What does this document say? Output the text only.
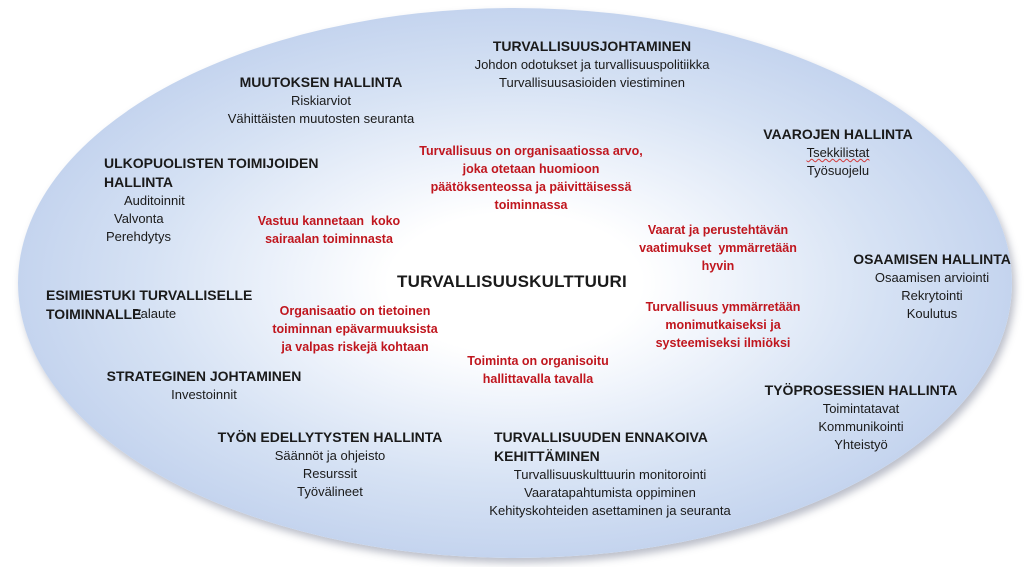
TURVALLISUUSKULTTUURI
TURVALLISUUSJOHTAMINEN
Johdon odotukset ja turvallisuuspolitiikka
Turvallisuusasioiden viestiminen
MUUTOKSEN HALLINTA
Riskiarviot
Vähittäisten muutosten seuranta
VAAROJEN HALLINTA
Tsekkilistat
Työsuojelu
ULKOPUOLISTEN TOIMIJOIDEN
HALLINTA
Auditoinnit
Valvonta
Perehdytys
OSAAMISEN HALLINTA
Osaamisen arviointi
Rekrytointi
Koulutus
ESIMIESTUKI TURVALLISELLE
TOIMINNALLE
Palaute
STRATEGINEN JOHTAMINEN
Investoinnit	TYÖPROSESSIEN HALLINTA
Toimintatavat
Kommunikointi
Yhteistyö
TYÖN EDELLYTYSTEN HALLINTA
Säännöt ja ohjeisto
Resurssit
Työvälineet
TURVALLISUUDEN ENNAKOIVA
KEHITTÄMINEN
Turvallisuuskulttuurin monitorointi
Vaaratapahtumista oppiminen
Kehityskohteiden asettaminen ja seuranta
Turvallisuus on organisaatiossa arvo,
joka otetaan huomioon
päätöksenteossa ja päivittäisessä
toiminnassa
Vastuu kannetaan  koko
sairaalan toiminnasta
Vaarat ja perustehtävän
vaatimukset  ymmärretään
hyvin
Organisaatio on tietoinen
toiminnan epävarmuuksista
ja valpas riskejä kohtaan
Turvallisuus ymmärretään
monimutkaiseksi ja
systeemiseksi ilmiöksi
Toiminta on organisoitu
hallittavalla tavalla
